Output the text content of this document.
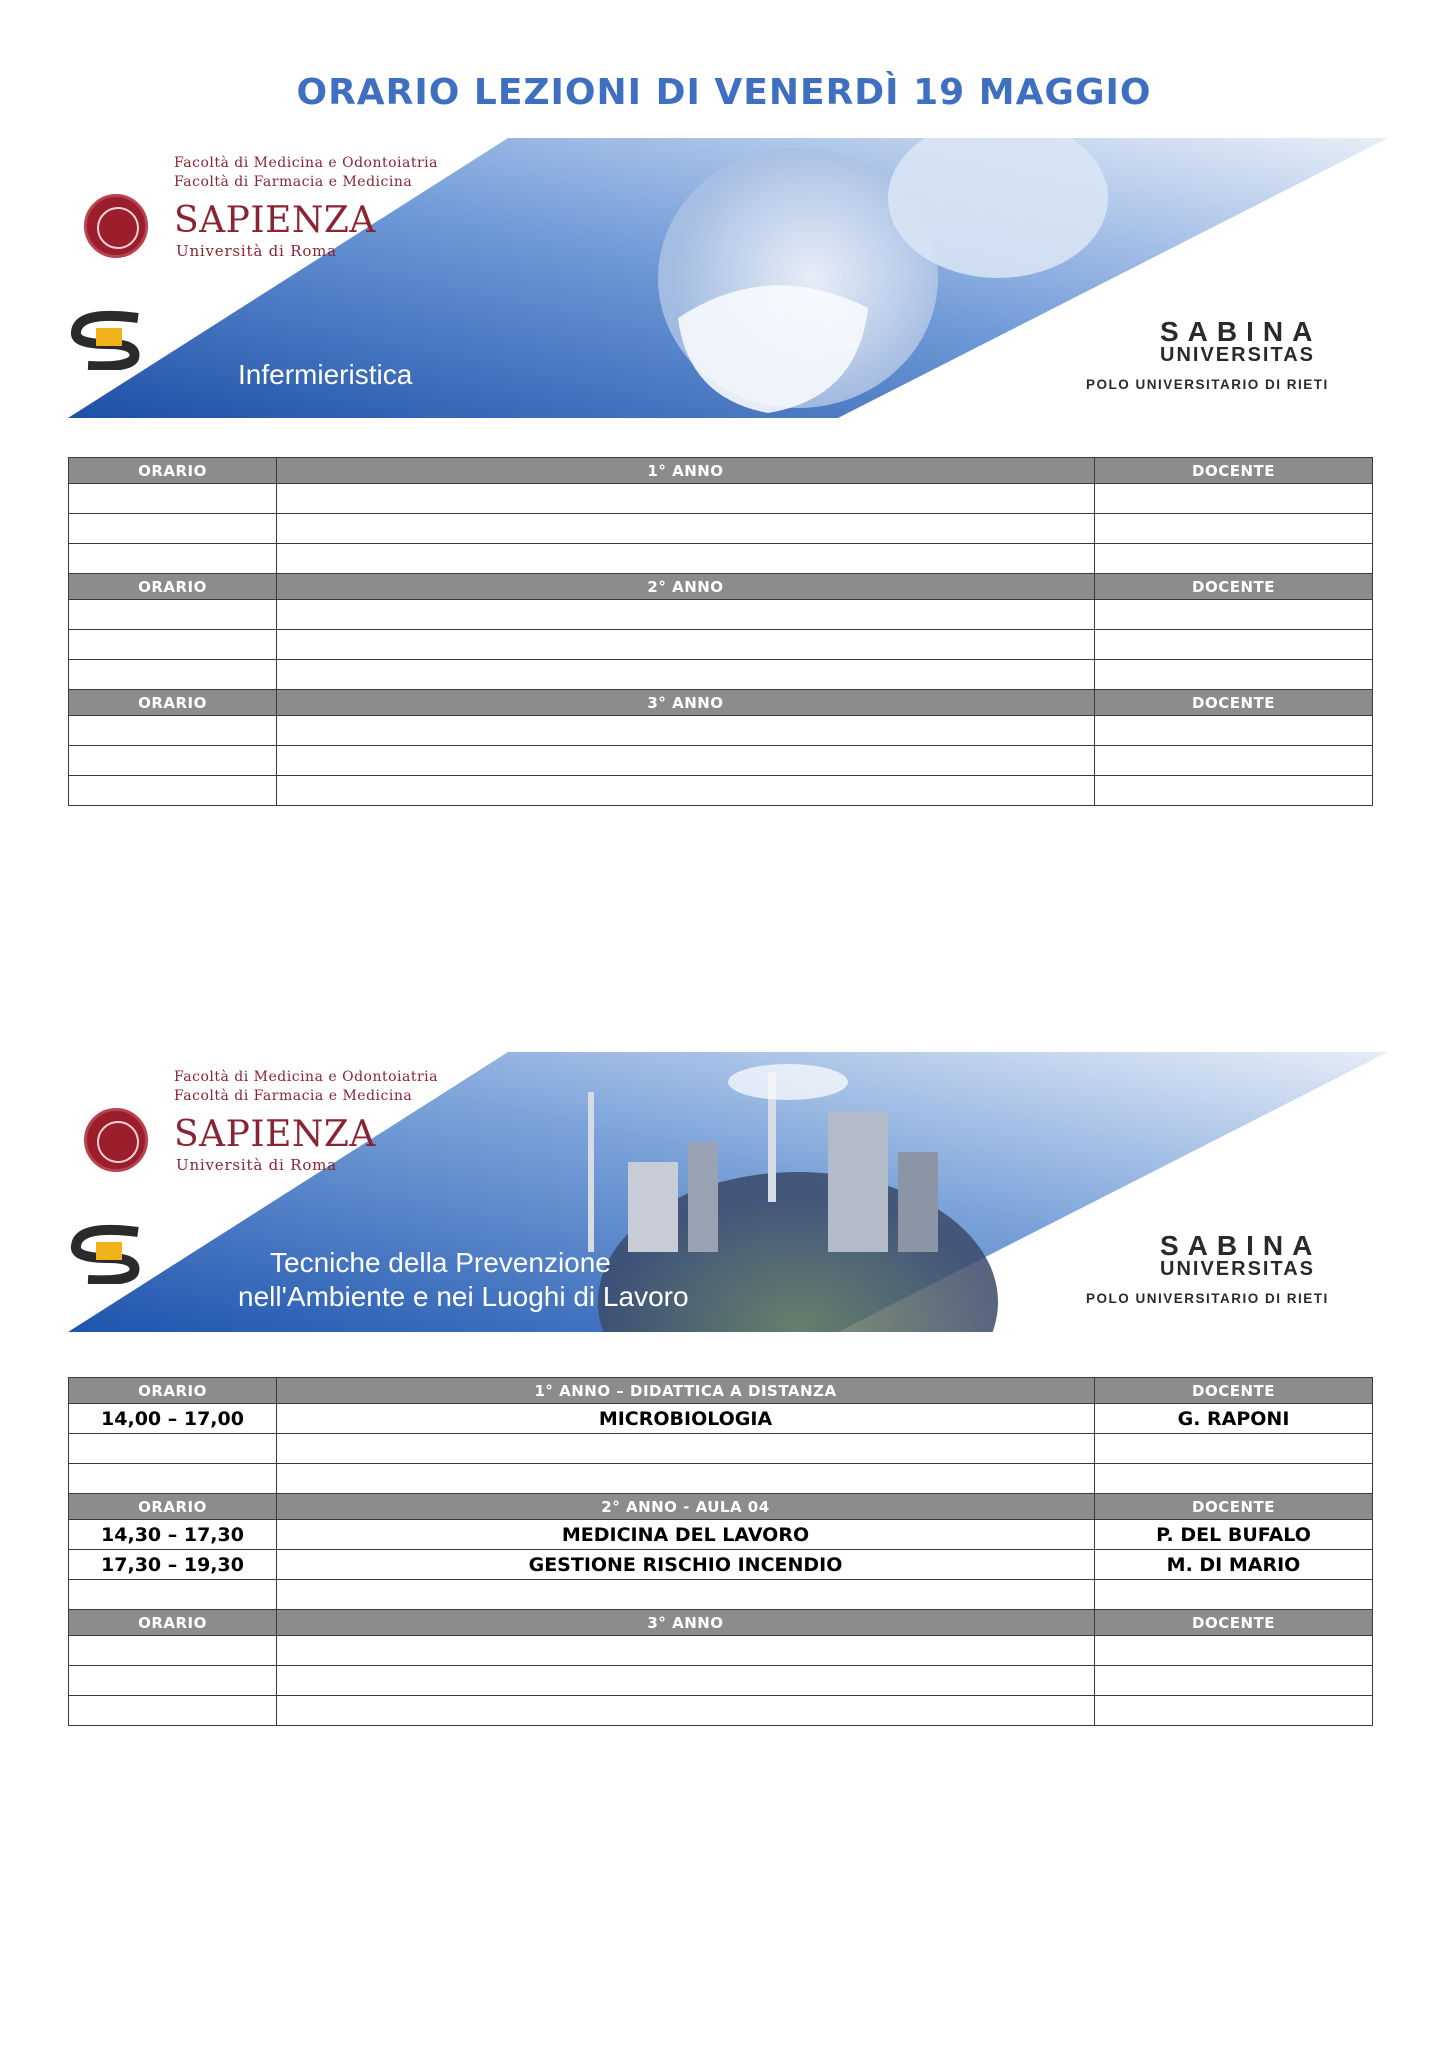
ORARIO LEZIONI DI VENERDÌ 19 MAGGIO
Facoltà di Medicina e Odontoiatria
Facoltà di Farmacia e Medicina
SAPIENZA
Università di Roma
Infermieristica
SABINA
UNIVERSITAS
POLO UNIVERSITARIO DI RIETI
ORARIO	1° ANNO	DOCENTE

ORARIO	2° ANNO	DOCENTE

ORARIO	3° ANNO	DOCENTE

Facoltà di Medicina e Odontoiatria
Facoltà di Farmacia e Medicina
SAPIENZA
Università di Roma
Tecniche della Prevenzione
nell'Ambiente e nei Luoghi di Lavoro
SABINA
UNIVERSITAS
POLO UNIVERSITARIO DI RIETI
ORARIO	1° ANNO – DIDATTICA A DISTANZA	DOCENTE
14,00 – 17,00	MICROBIOLOGIA	G. RAPONI

ORARIO	2° ANNO - AULA 04	DOCENTE
14,30 – 17,30	MEDICINA DEL LAVORO	P. DEL BUFALO
17,30 – 19,30	GESTIONE RISCHIO INCENDIO	M. DI MARIO

ORARIO	3° ANNO	DOCENTE
